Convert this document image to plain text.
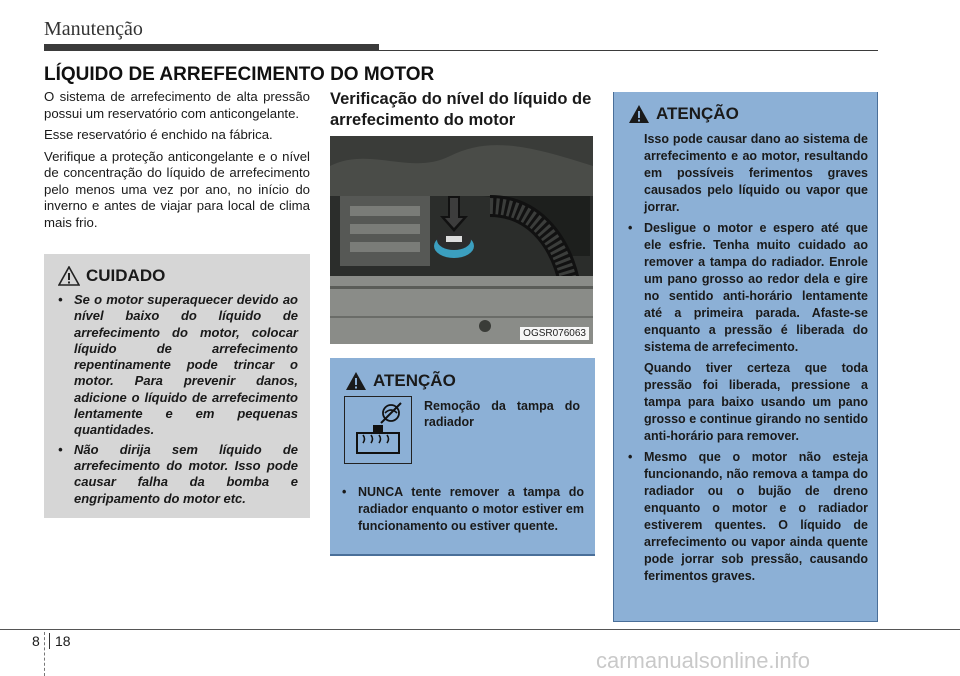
Manutenção
LÍQUIDO DE ARREFECIMENTO DO MOTOR

O sistema de arrefecimento de alta pressão possui um reservatório com anticongelante.

Esse reservatório é enchido na fábrica.

Verifique a proteção anticongelante e o nível de concentração do líquido de arrefecimento pelo menos uma vez por ano, no início do inverno e antes de viajar para local de clima mais frio.

CUIDADO
• Se o motor superaquecer devido ao nível baixo do líquido de arrefecimento do motor, colocar líquido de arrefecimento repentinamente pode trincar o motor. Para prevenir danos, adicione o líquido de arrefecimento lentamente e em pequenas quantidades.
• Não dirija sem líquido de arrefecimento do motor. Isso pode causar falha da bomba e engripamento do motor etc.
Verificação do nível do líquido de arrefecimento do motor
OGSR076063
ATENÇÃO
Remoção da tampa do radiador
• NUNCA tente remover a tampa do radiador enquanto o motor estiver em funcionamento ou estiver quente.
ATENÇÃO
Isso pode causar dano ao sistema de arrefecimento e ao motor, resultando em possíveis ferimentos graves causados pelo líquido ou vapor que jorrar.
• Desligue o motor e espero até que ele esfrie. Tenha muito cuidado ao remover a tampa do radiador. Enrole um pano grosso ao redor dela e gire no sentido anti-horário lentamente até a primeira parada. Afaste-se enquanto a pressão é liberada do sistema de arrefecimento.
Quando tiver certeza que toda pressão foi liberada, pressione a tampa para baixo usando um pano grosso e continue girando no sentido anti-horário para remover.
• Mesmo que o motor não esteja funcionando, não remova a tampa do radiador ou o bujão de dreno enquanto o motor e o radiador estiverem quentes. O líquido de arrefecimento ou vapor ainda quente pode jorrar sob pressão, causando ferimentos graves.
8 18
carmanualsonline.info
